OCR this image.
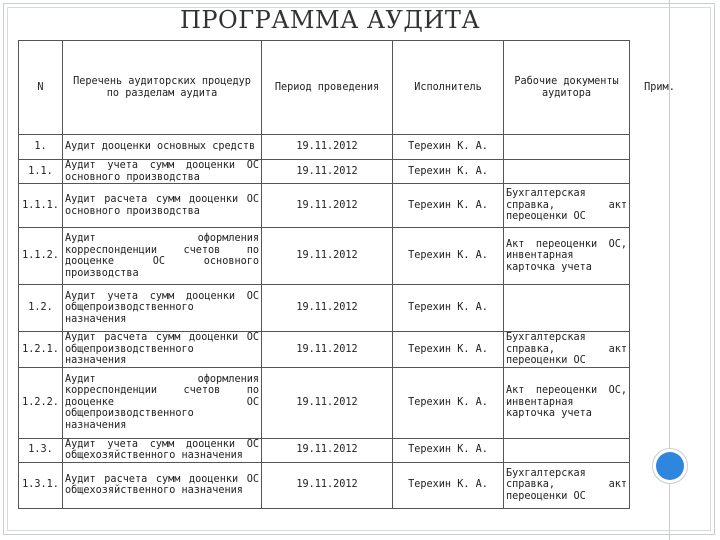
ПРОГРАММА АУДИТА
N	Перечень аудиторских процедур по разделам аудита	Период проведения	Исполнитель	Рабочие документы аудитора	Прим.
1.	Аудит дооценки основных средств	19.11.2012	Терехин К. А.		
1.1.	Аудит учета сумм дооценки ОС основного производства	19.11.2012	Терехин К. А.		
1.1.1.	Аудит расчета сумм дооценки ОС основного производства	19.11.2012	Терехин К. А.	Бухгалтерская справка, акт переоценки ОС	
1.1.2.	Аудит оформления корреспонденции счетов по дооценке ОС основного производства	19.11.2012	Терехин К. А.	Акт переоценки ОС, инвентарная карточка учета	
1.2.	Аудит учета сумм дооценки ОС общепроизводственного назначения	19.11.2012	Терехин К. А.		
1.2.1.	Аудит расчета сумм дооценки ОС общепроизводственного назначения	19.11.2012	Терехин К. А.	Бухгалтерская справка, акт переоценки ОС	
1.2.2.	Аудит оформления корреспонденции счетов по дооценке ОС общепроизводственного назначения	19.11.2012	Терехин К. А.	Акт переоценки ОС, инвентарная карточка учета	
1.3.	Аудит учета сумм дооценки ОС общехозяйственного назначения	19.11.2012	Терехин К. А.		
1.3.1.	Аудит расчета сумм дооценки ОС общехозяйственного назначения	19.11.2012	Терехин К. А.	Бухгалтерская справка, акт переоценки ОС	
